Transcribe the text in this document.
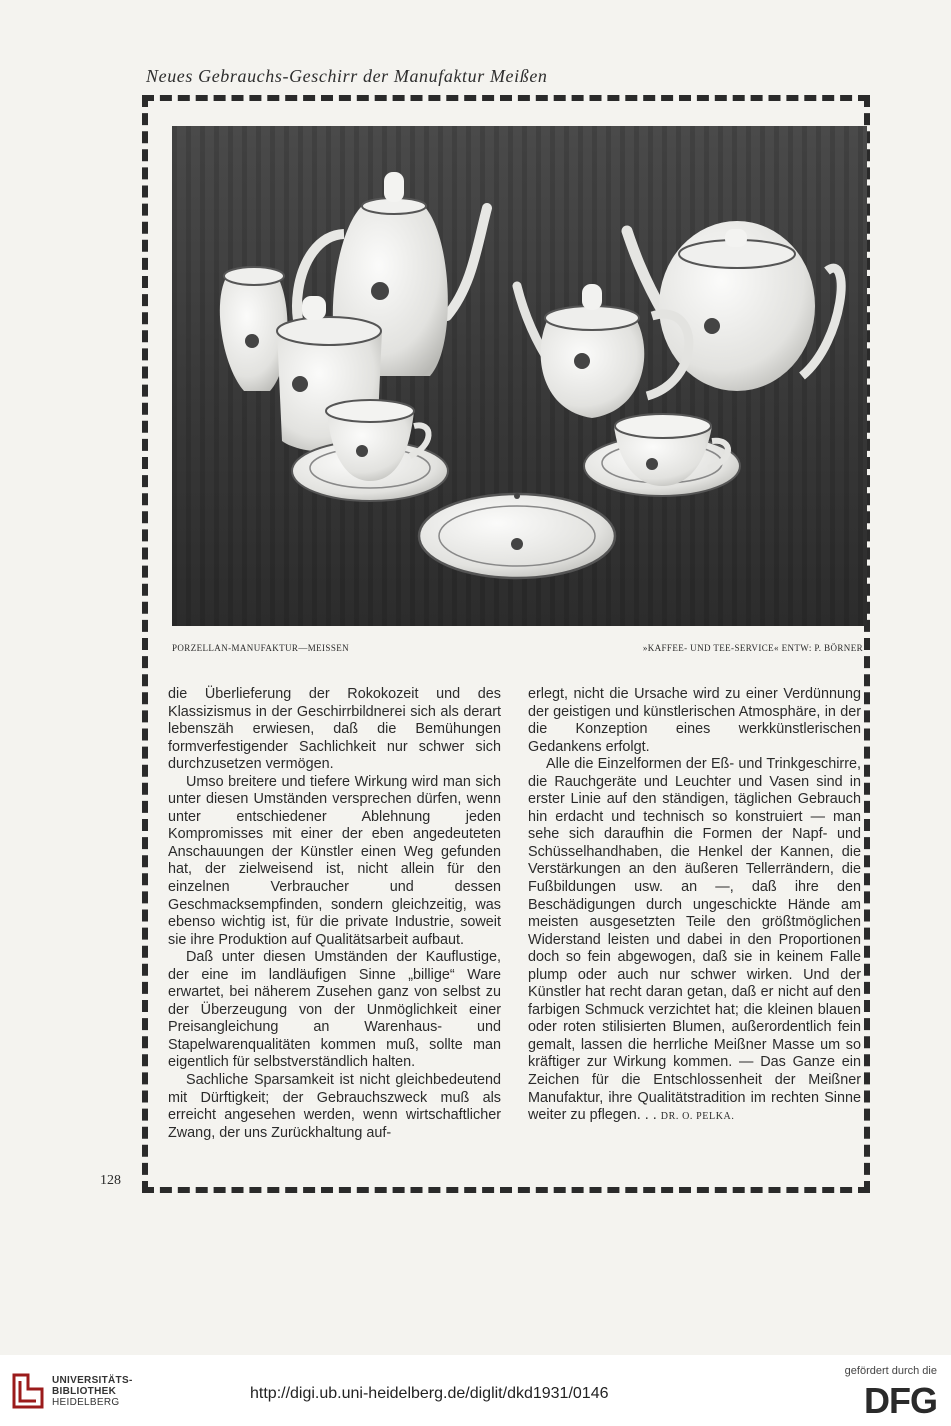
Neues Gebrauchs-Geschirr der Manufaktur Meißen
PORZELLAN-MANUFAKTUR—MEISSEN	»KAFFEE- UND TEE-SERVICE« ENTW: P. BÖRNER

die Überlieferung der Rokokozeit und des Klassizismus in der Geschirrbildnerei sich als derart lebenszäh erwiesen, daß die Bemühungen formverfestigender Sachlichkeit nur schwer sich durchzusetzen vermögen.

Umso breitere und tiefere Wirkung wird man sich unter diesen Umständen versprechen dürfen, wenn unter entschiedener Ablehnung jeden Kompromisses mit einer der eben angedeuteten Anschauungen der Künstler einen Weg gefunden hat, der zielweisend ist, nicht allein für den einzelnen Verbraucher und dessen Geschmacksempfinden, sondern gleichzeitig, was ebenso wichtig ist, für die private Industrie, soweit sie ihre Produktion auf Qualitätsarbeit aufbaut.

Daß unter diesen Umständen der Kauflustige, der eine im landläufigen Sinne „billige“ Ware erwartet, bei näherem Zusehen ganz von selbst zu der Überzeugung von der Unmöglichkeit einer Preisangleichung an Warenhaus- und Stapelwarenqualitäten kommen muß, sollte man eigentlich für selbstverständlich halten.

Sachliche Sparsamkeit ist nicht gleichbedeutend mit Dürftigkeit; der Gebrauchszweck muß als erreicht angesehen werden, wenn wirtschaftlicher Zwang, der uns Zurückhaltung auf-

erlegt, nicht die Ursache wird zu einer Verdünnung der geistigen und künstlerischen Atmosphäre, in der die Konzeption eines werkkünstlerischen Gedankens erfolgt.

Alle die Einzelformen der Eß- und Trinkgeschirre, die Rauchgeräte und Leuchter und Vasen sind in erster Linie auf den ständigen, täglichen Gebrauch hin erdacht und technisch so konstruiert — man sehe sich daraufhin die Formen der Napf- und Schüsselhandhaben, die Henkel der Kannen, die Verstärkungen an den äußeren Tellerrändern, die Fußbildungen usw. an —, daß ihre den Beschädigungen durch ungeschickte Hände am meisten ausgesetzten Teile den größtmöglichen Widerstand leisten und dabei in den Proportionen doch so fein abgewogen, daß sie in keinem Falle plump oder auch nur schwer wirken. Und der Künstler hat recht daran getan, daß er nicht auf den farbigen Schmuck verzichtet hat; die kleinen blauen oder roten stilisierten Blumen, außerordentlich fein gemalt, lassen die herrliche Meißner Masse um so kräftiger zur Wirkung kommen. — Das Ganze ein Zeichen für die Entschlossenheit der Meißner Manufaktur, ihre Qualitätstradition im rechten Sinne weiter zu pflegen. . . DR. O. PELKA.

128
UNIVERSITÄTS-
BIBLIOTHEK
HEIDELBERG
http://digi.ub.uni-heidelberg.de/diglit/dkd1931/0146
gefördert durch die
DFG
